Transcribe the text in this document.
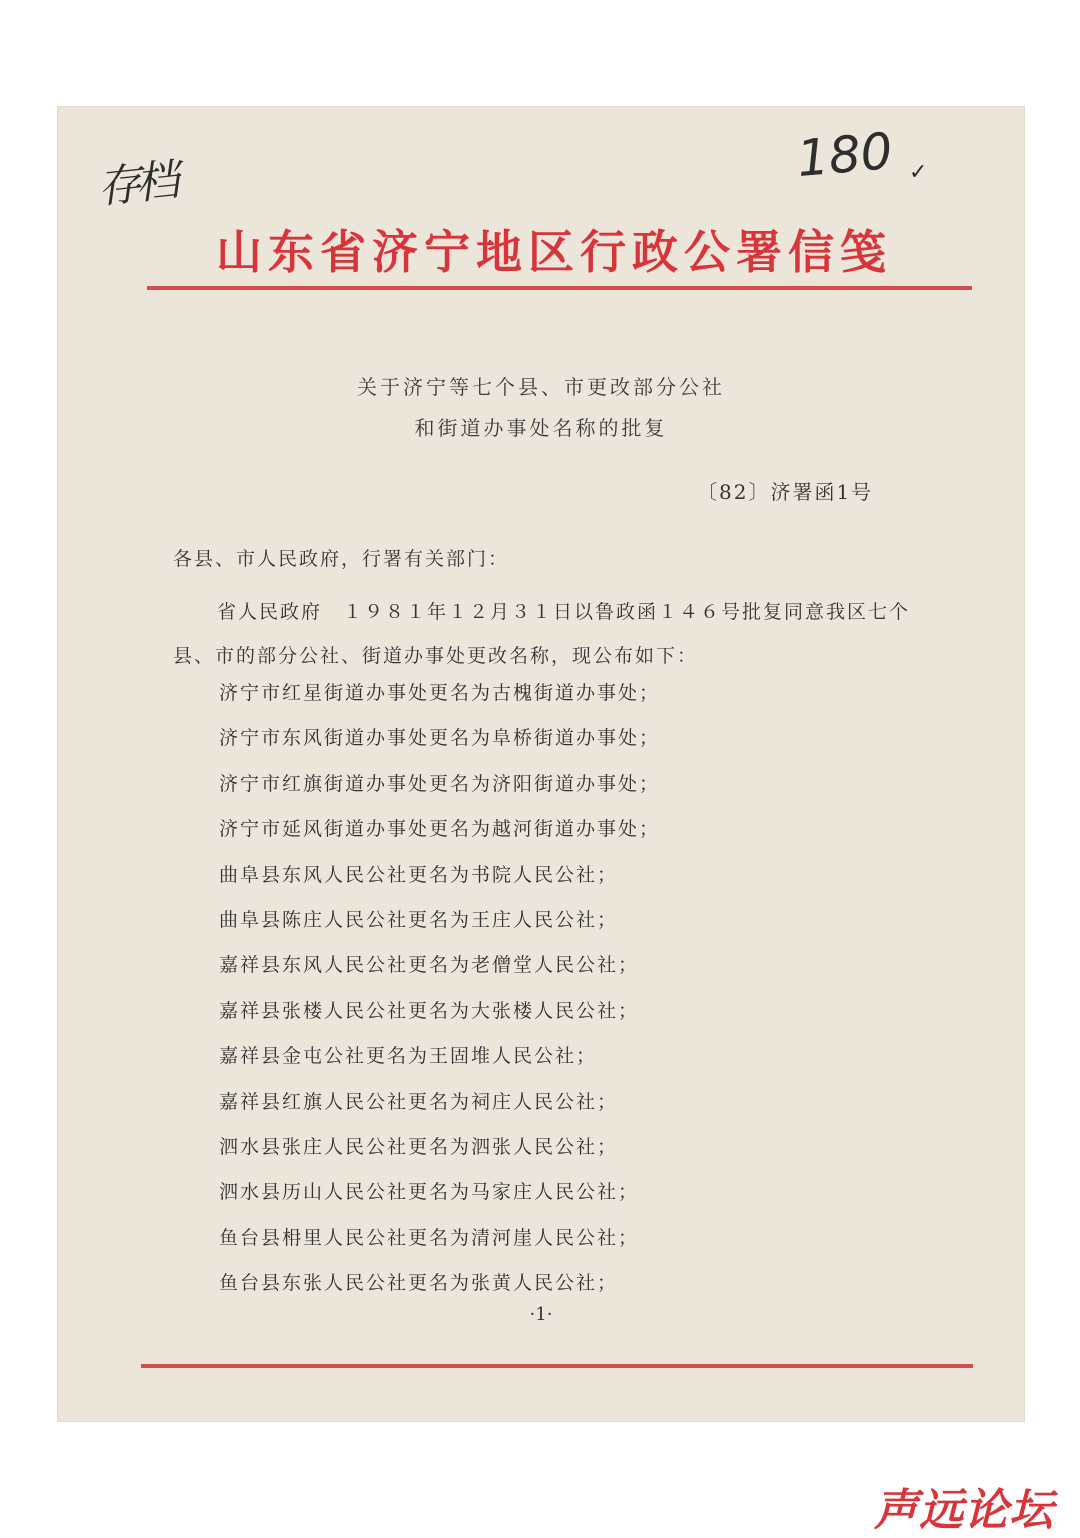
存档	180 ✓
山东省济宁地区行政公署信笺
关于济宁等七个县、市更改部分公社
和街道办事处名称的批复
〔82〕济署函1号
各县、市人民政府，行署有关部门：
省人民政府　１９８１年１２月３１日以鲁政函１４６号批复同意我区七个县、市的部分公社、街道办事处更改名称，现公布如下：
济宁市红星街道办事处更名为古槐街道办事处；
济宁市东风街道办事处更名为阜桥街道办事处；
济宁市红旗街道办事处更名为济阳街道办事处；
济宁市延风街道办事处更名为越河街道办事处；
曲阜县东风人民公社更名为书院人民公社；
曲阜县陈庄人民公社更名为王庄人民公社；
嘉祥县东风人民公社更名为老僧堂人民公社；
嘉祥县张楼人民公社更名为大张楼人民公社；
嘉祥县金屯公社更名为王固堆人民公社；
嘉祥县红旗人民公社更名为祠庄人民公社；
泗水县张庄人民公社更名为泗张人民公社；
泗水县历山人民公社更名为马家庄人民公社；
鱼台县枏里人民公社更名为清河崖人民公社；
鱼台县东张人民公社更名为张黄人民公社；
·1·
声远论坛
